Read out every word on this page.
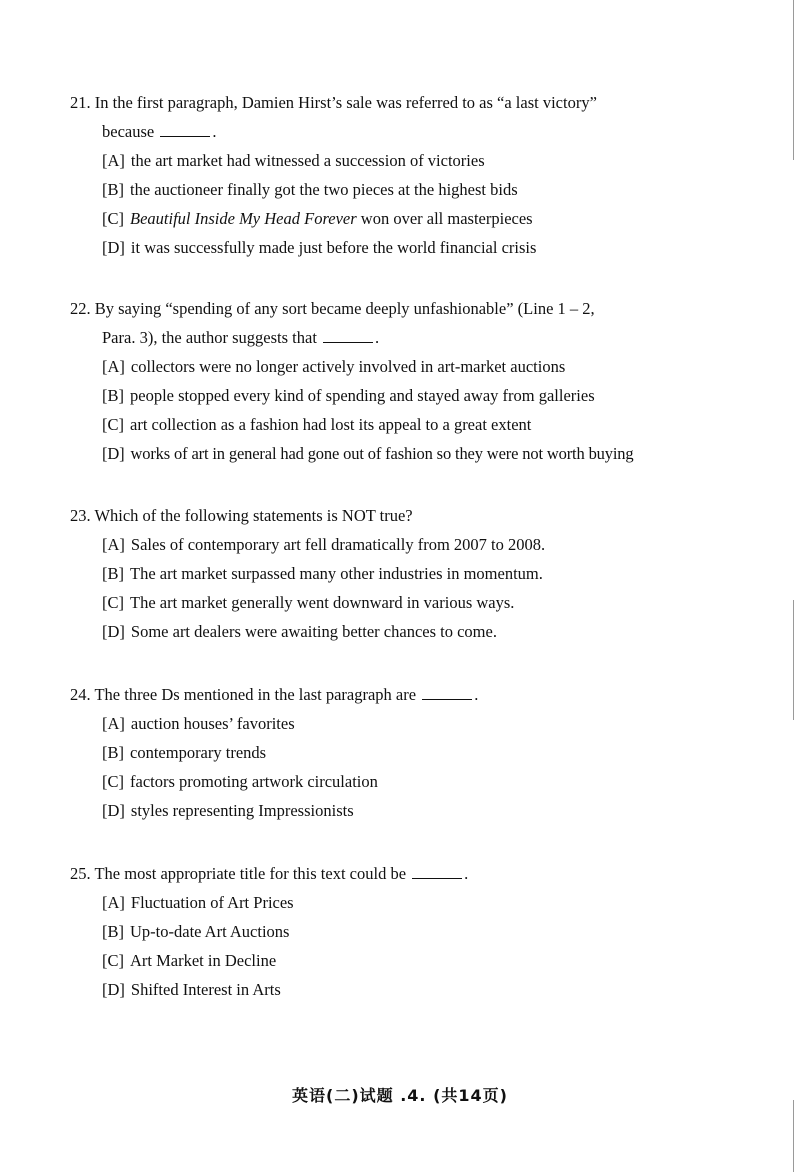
21. In the first paragraph, Damien Hirst’s sale was referred to as “a last victory”
because	.
[A] the art market had witnessed a succession of victories
[B] the auctioneer finally got the two pieces at the highest bids
[C] Beautiful Inside My Head Forever won over all masterpieces
[D] it was successfully made just before the world financial crisis
22. By saying “spending of any sort became deeply unfashionable” (Line 1 – 2,
Para. 3), the author suggests that	.
[A] collectors were no longer actively involved in art-market auctions
[B] people stopped every kind of spending and stayed away from galleries
[C] art collection as a fashion had lost its appeal to a great extent
[D] works of art in general had gone out of fashion so they were not worth buying
23. Which of the following statements is NOT true?
[A] Sales of contemporary art fell dramatically from 2007 to 2008.
[B] The art market surpassed many other industries in momentum.
[C] The art market generally went downward in various ways.
[D] Some art dealers were awaiting better chances to come.
24. The three Ds mentioned in the last paragraph are	.
[A] auction houses’ favorites
[B] contemporary trends
[C] factors promoting artwork circulation
[D] styles representing Impressionists
25. The most appropriate title for this text could be	.
[A] Fluctuation of Art Prices
[B] Up-to-date Art Auctions
[C] Art Market in Decline
[D] Shifted Interest in Arts
英语(二)试题 .4. (共14页)
